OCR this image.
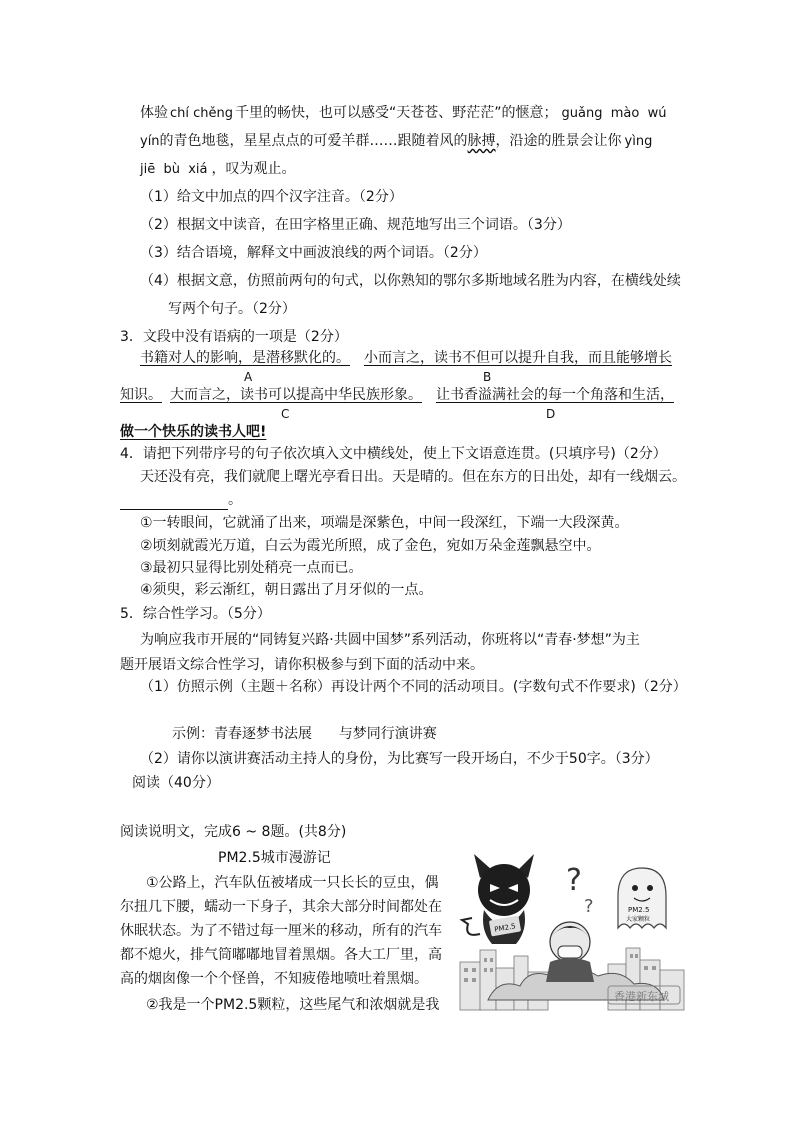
体验 chí chěng 千里的畅快，也可以感受“天苍苍、野茫茫”的惬意； guǎng  mào  wú
yín的青色地毯，星星点点的可爱羊群……跟随着风的脉搏，沿途的胜景会让你 yìng
jiē  bù  xiá ，叹为观止。
（1）给文中加点的四个汉字注音。（2分）
（2）根据文中读音，在田字格里正确、规范地写出三个词语。（3分）
（3）结合语境，解释文中画波浪线的两个词语。（2分）
（4）根据文意，仿照前两句的句式，以你熟知的鄂尔多斯地域名胜为内容，在横线处续
写两个句子。（2分）
3．文段中没有语病的一项是（2分）
书籍对人的影响，是潜移默化的。 小而言之，读书不但可以提升自我，而且能够增长
A	B
知识。 大而言之，读书可以提高中华民族形象。 让书香溢满社会的每一个角落和生活，
C	D
做一个快乐的读书人吧!
4．请把下列带序号的句子依次填入文中横线处，使上下文语意连贯。(只填序号)（2分）
天还没有亮，我们就爬上曙光亭看日出。天是晴的。但在东方的日出处，却有一线烟云。
。
①一转眼间，它就涌了出来，项端是深紫色，中间一段深红，下端一大段深黄。
②顷刻就霞光万道，白云为霞光所照，成了金色，宛如万朵金莲飘悬空中。
③最初只显得比别处稍亮一点而已。
④须臾，彩云渐红，朝日露出了月牙似的一点。
5．综合性学习。（5分）
为响应我市开展的“同铸复兴路·共圆中国梦”系列活动，你班将以“青春·梦想”为主
题开展语文综合性学习，请你积极参与到下面的活动中来。
（1）仿照示例（主题＋名称）再设计两个不同的活动项目。(字数句式不作要求)（2分）
示例：青春逐梦书法展      与梦同行演讲赛
（2）请你以演讲赛活动主持人的身份，为比赛写一段开场白，不少于50字。（3分）
阅读（40分）
阅读说明文，完成6 ~ 8题。(共8分)
PM2.5城市漫游记
①公路上，汽车队伍被堵成一只长长的豆虫，偶
尔扭几下腰，蠕动一下身子，其余大部分时间都处在
休眠状态。为了不错过每一厘米的移动，所有的汽车
都不熄火，排气筒嘟嘟地冒着黑烟。各大工厂里，高
高的烟囱像一个个怪兽，不知疲倦地喷吐着黑烟。
②我是一个PM2.5颗粒，这些尾气和浓烟就是我
PM2.5
?
?	PM2.5
大家颗粒
香港新东城
